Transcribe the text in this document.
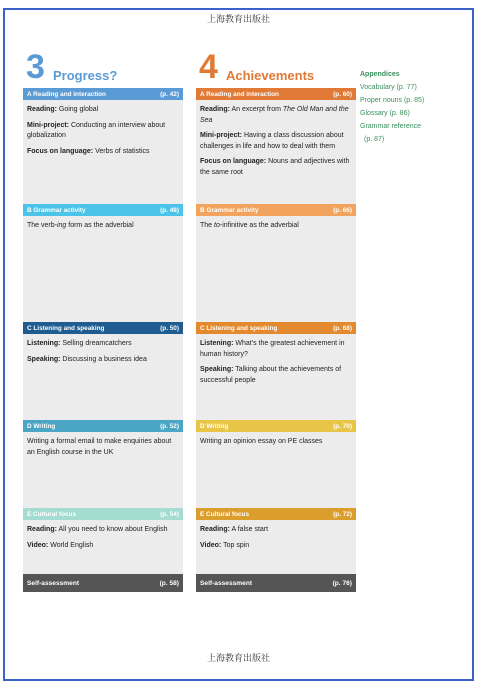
上海教育出版社
3 Progress?
A Reading and interaction	(p. 42)

Reading: Going global

Mini-project: Conducting an interview about globalization

Focus on language: Verbs of statistics

B Grammar activity	(p. 48)

The verb-ing form as the adverbial

C Listening and speaking	(p. 50)

Listening: Selling dreamcatchers

Speaking: Discussing a business idea

D Writing	(p. 52)

Writing a formal email to make enquiries about an English course in the UK

E Cultural focus	(p. 54)

Reading: All you need to know about English

Video: World English

Self-assessment	(p. 58)
4 Achievements
A Reading and interaction	(p. 60)

Reading: An excerpt from The Old Man and the Sea

Mini-project: Having a class discussion about challenges in life and how to deal with them

Focus on language: Nouns and adjectives with the same root

B Grammar activity	(p. 66)

The to-infinitive as the adverbial

C Listening and speaking	(p. 68)

Listening: What's the greatest achievement in human history?

Speaking: Talking about the achievements of successful people

D Writing	(p. 70)

Writing an opinion essay on PE classes

E Cultural focus	(p. 72)

Reading: A false start

Video: Top spin

Self-assessment	(p. 76)
Appendices
Vocabulary (p. 77)
Proper nouns (p. 85)
Glossary (p. 86)
Grammar reference
(p. 87)
上海教育出版社
